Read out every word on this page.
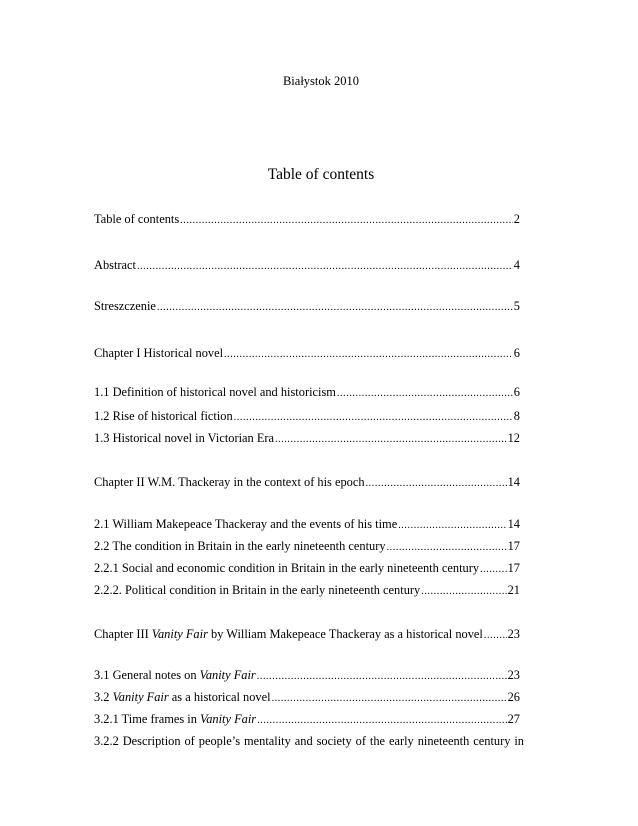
Białystok 2010
Table of contents
Table of contents .....	2
Abstract .....	4
Streszczenie .....	5
Chapter I Historical novel .....	6
1.1 Definition of historical novel and historicism .....	6
1.2 Rise of historical fiction .....	8
1.3 Historical novel in Victorian Era .....	12
Chapter II W.M. Thackeray in the context of his epoch .....	14
2.1 William Makepeace Thackeray and the events of his time .....	14
2.2 The condition in Britain in the early nineteenth century .....	17
2.2.1 Social and economic condition in Britain in the early nineteenth century ..... 17
2.2.2. Political condition in Britain in the early nineteenth century .....	21
Chapter III Vanity Fair by William Makepeace Thackeray as a historical novel ..... 23
3.1 General notes on Vanity Fair .....	23
3.2 Vanity Fair as a historical novel .....	26
3.2.1 Time frames in Vanity Fair .....	27
3.2.2 Description of people’s mentality and society of the early nineteenth century in
